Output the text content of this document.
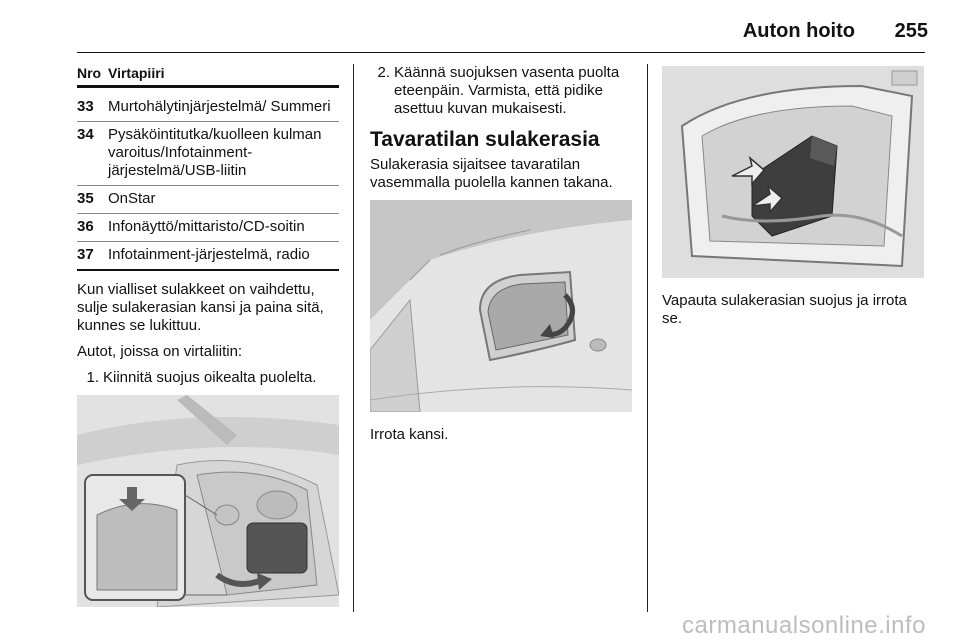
Auton hoito 255
Nro Virtapiiri
33 Murtohälytinjärjestelmä/ Summeri
34 Pysäköintitutka/kuolleen kulman varoitus/Infotainment-järjestelmä/USB-liitin
35 OnStar
36 Infonäyttö/mittaristo/CD-soitin
37 Infotainment-järjestelmä, radio

Kun vialliset sulakkeet on vaihdettu, sulje sulakerasian kansi ja paina sitä, kunnes se lukittuu.

Autot, joissa on virtaliitin:

1. Kiinnitä suojus oikealta puolelta.
2. Käännä suojuksen vasenta puolta eteenpäin. Varmista, että pidike asettuu kuvan mukaisesti.
Tavaratilan sulakerasia

Sulakerasia sijaitsee tavaratilan vasemmalla puolella kannen takana.

Irrota kansi.

Vapauta sulakerasian suojus ja irrota se.

carmanualsonline.info
